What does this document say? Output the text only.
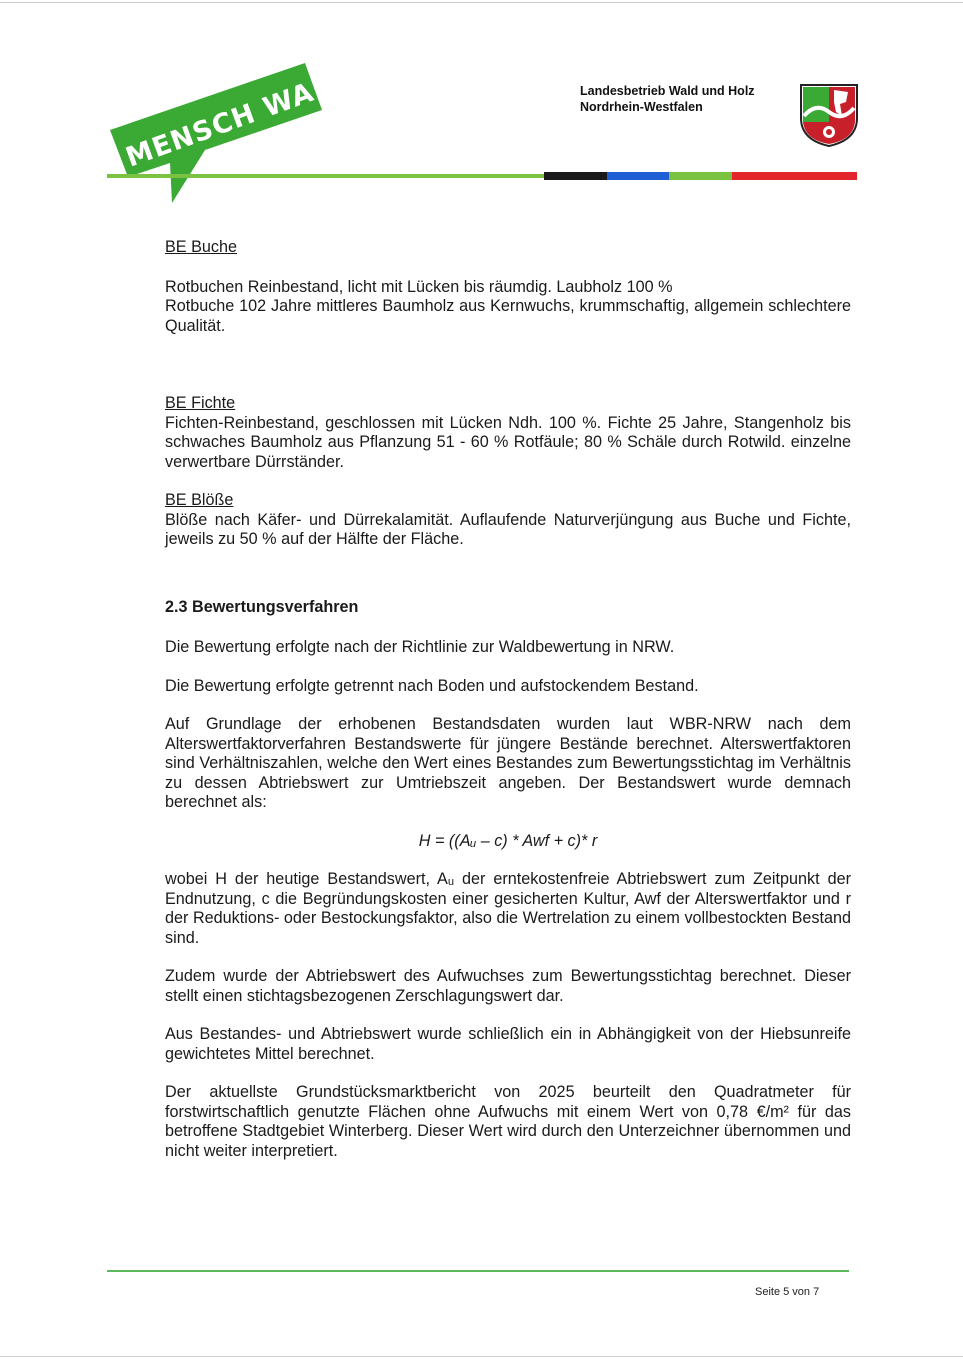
MENSCH WALD!	Landesbetrieb Wald und Holz
Nordrhein-Westfalen

BE Buche

Rotbuchen Reinbestand, licht mit Lücken bis räumdig. Laubholz 100 %

Rotbuche 102 Jahre mittleres Baumholz aus Kernwuchs, krummschaftig, allgemein schlechtere Qualität.

BE Fichte

Fichten-Reinbestand, geschlossen mit Lücken Ndh. 100 %. Fichte 25 Jahre, Stangenholz bis schwaches Baumholz aus Pflanzung 51 - 60 % Rotfäule; 80 % Schäle durch Rotwild. einzelne verwertbare Dürrständer.

BE Blöße

Blöße nach Käfer- und Dürrekalamität. Auflaufende Naturverjüngung aus Buche und Fichte, jeweils zu 50 % auf der Hälfte der Fläche.

2.3 Bewertungsverfahren

Die Bewertung erfolgte nach der Richtlinie zur Waldbewertung in NRW.

Die Bewertung erfolgte getrennt nach Boden und aufstockendem Bestand.

Auf Grundlage der erhobenen Bestandsdaten wurden laut WBR-NRW nach dem Alterswertfaktorverfahren Bestandswerte für jüngere Bestände berechnet. Alterswertfaktoren sind Verhältniszahlen, welche den Wert eines Bestandes zum Bewertungsstichtag im Verhältnis zu dessen Abtriebswert zur Umtriebszeit angeben. Der Bestandswert wurde demnach berechnet als:

H = ((Aᵤ – c) * Awf + c)* r

wobei H der heutige Bestandswert, Aᵤ der erntekostenfreie Abtriebswert zum Zeitpunkt der Endnutzung, c die Begründungskosten einer gesicherten Kultur, Awf der Alterswertfaktor und r der Reduktions- oder Bestockungsfaktor, also die Wertrelation zu einem vollbestockten Bestand sind.

Zudem wurde der Abtriebswert des Aufwuchses zum Bewertungsstichtag berechnet. Dieser stellt einen stichtagsbezogenen Zerschlagungswert dar.

Aus Bestandes- und Abtriebswert wurde schließlich ein in Abhängigkeit von der Hiebsunreife gewichtetes Mittel berechnet.

Der aktuellste Grundstücksmarktbericht von 2025 beurteilt den Quadratmeter für forstwirtschaftlich genutzte Flächen ohne Aufwuchs mit einem Wert von 0,78 €/m² für das betroffene Stadtgebiet Winterberg. Dieser Wert wird durch den Unterzeichner übernommen und nicht weiter interpretiert.

Seite 5 von 7
